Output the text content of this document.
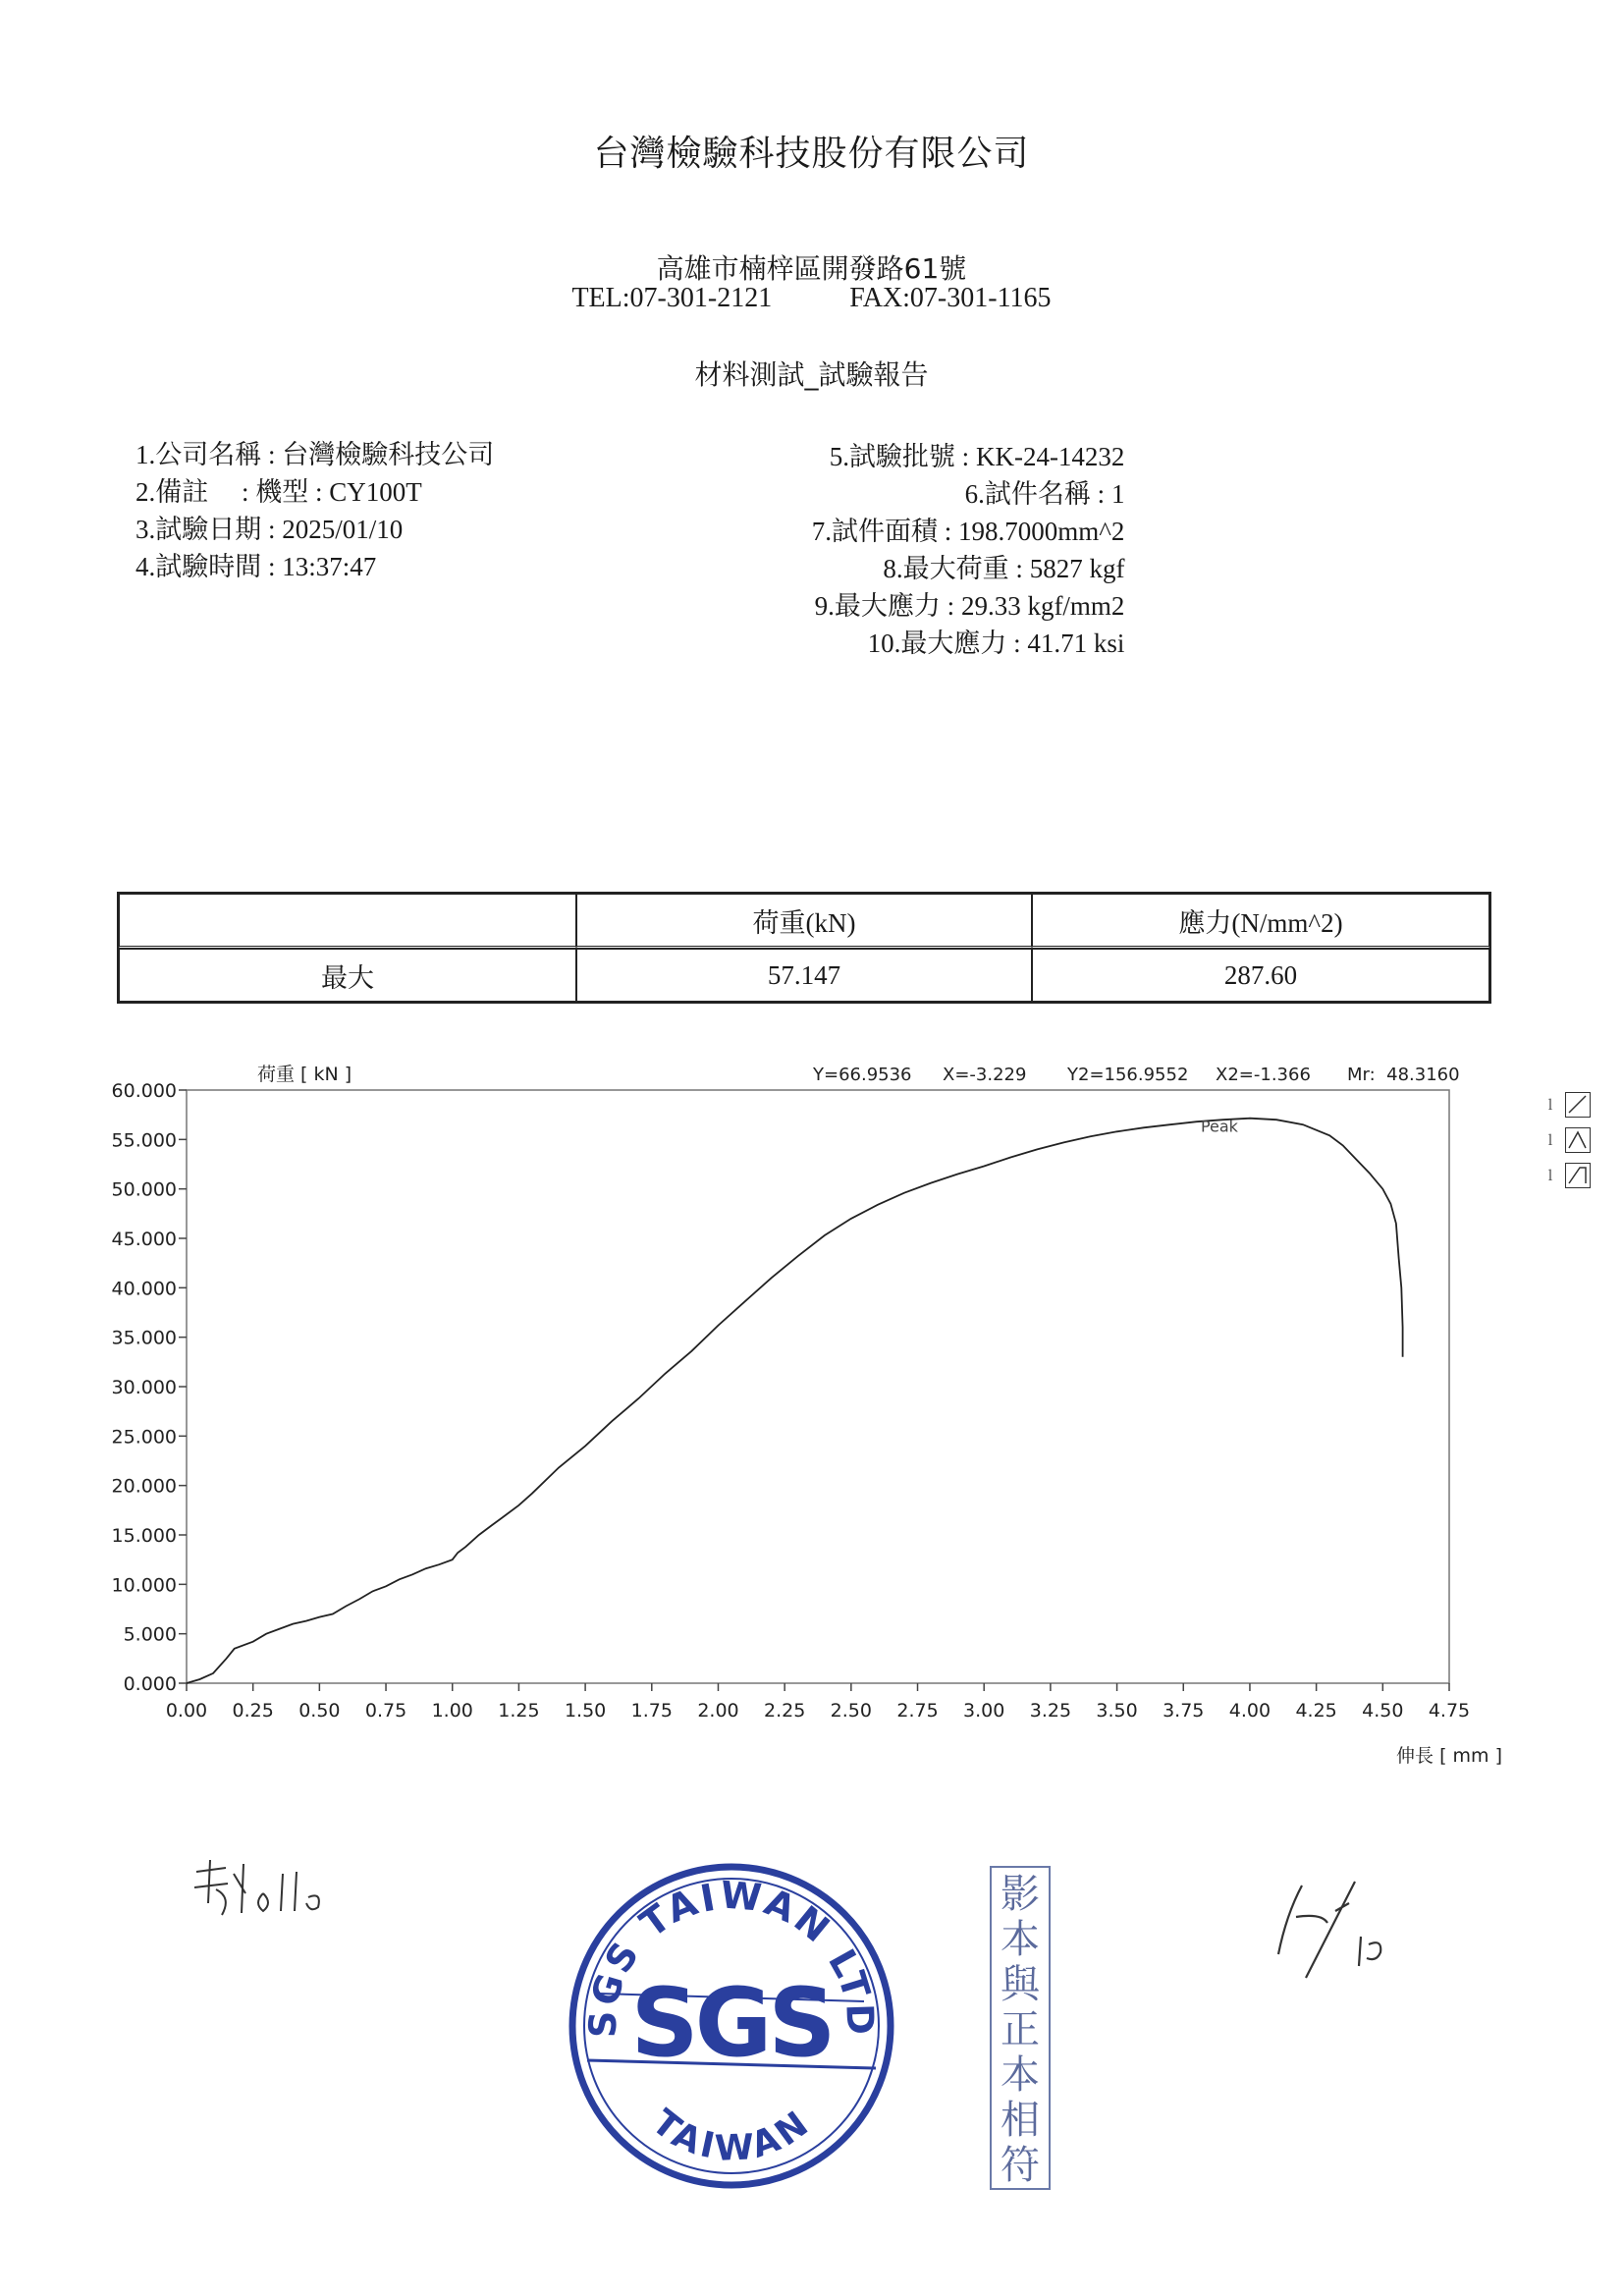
台灣檢驗科技股份有限公司
高雄市楠梓區開發路61號
TEL:07-301-2121	FAX:07-301-1165
材料測試_試驗報告
1.公司名稱 : 台灣檢驗科技公司
2.備註　 : 機型 : CY100T
3.試驗日期 : 2025/01/10
4.試驗時間 : 13:37:47
5.試驗批號 : KK-24-14232
6.試件名稱 : 1
7.試件面積 : 198.7000mm^2
8.最大荷重 : 5827 kgf
9.最大應力 : 29.33 kgf/mm2
10.最大應力 : 41.71 ksi
	荷重(kN)	應力(N/mm^2)
最大	57.147	287.60
0.000
5.000
10.000
15.000
20.000
25.000
30.000
35.000
40.000
45.000
50.000
55.000
60.000
0.00 0.25 0.50 0.75 1.00 1.25 1.50 1.75 2.00 2.25 2.50 2.75 3.00 3.25 3.50 3.75 4.00 4.25 4.50 4.75
荷重 [ kN ]
伸長 [ mm ]
Y=66.9536 X=-3.229 Y2=156.9552 X2=-1.366 Mr:  48.3160
Peak
ｌ
ｌ
ｌ
SGS TAIWAN LTD
SGS
TAIWAN
影
本
與
正
本
相
符
